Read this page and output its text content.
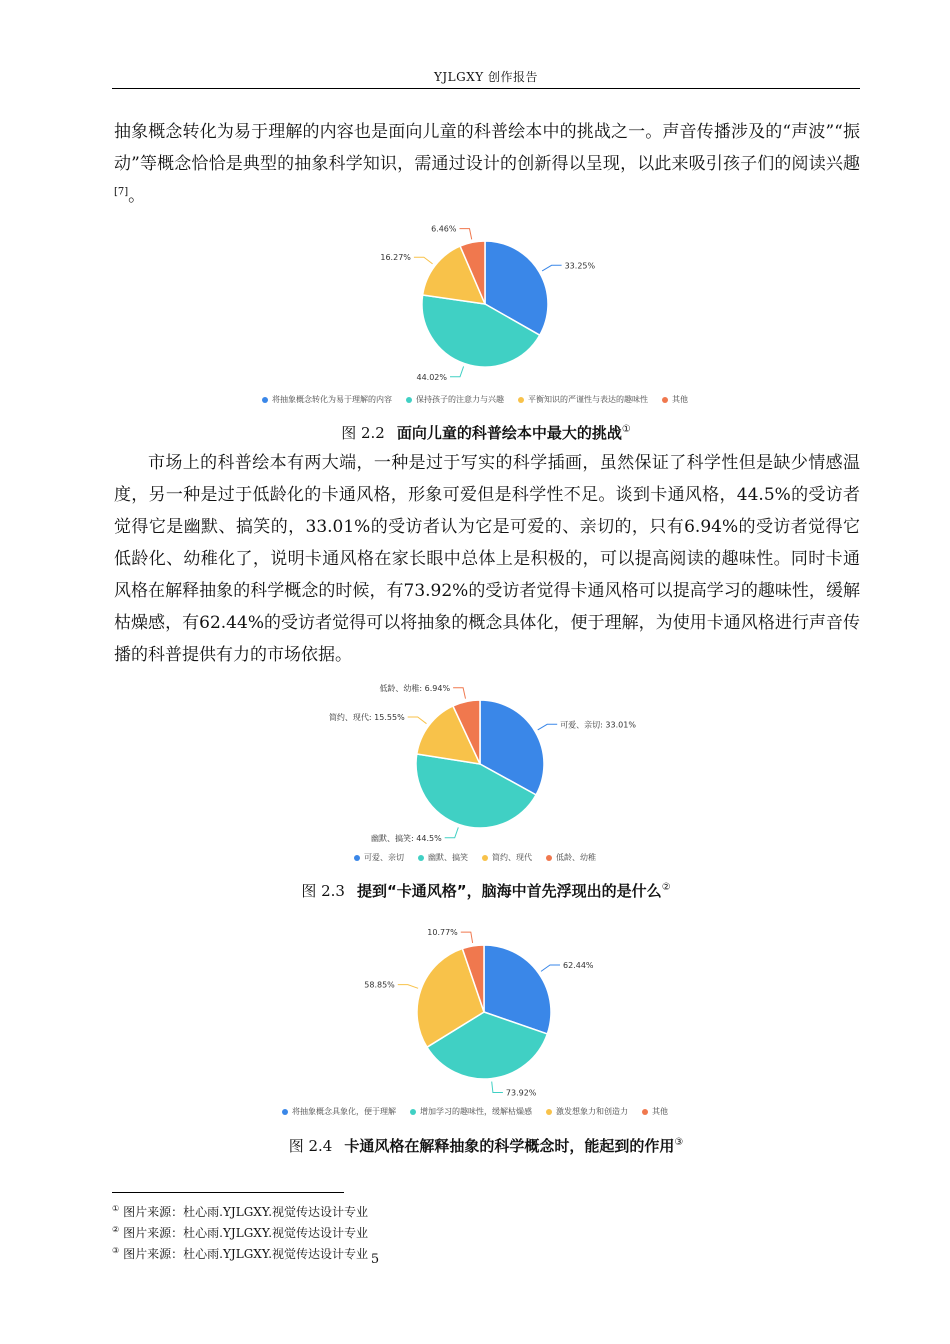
YJLGXY 创作报告

抽象概念转化为易于理解的内容也是面向儿童的科普绘本中的挑战之一。声音传播涉及的“声波”“振动”等概念恰恰是典型的抽象科学知识，需通过设计的创新得以呈现，以此来吸引孩子们的阅读兴趣[7]。

33.25%
44.02%
16.27%
6.46%
将抽象概念转化为易于理解的内容	保持孩子的注意力与兴趣	平衡知识的严谨性与表达的趣味性	其他
图 2.2 面向儿童的科普绘本中最大的挑战①

市场上的科普绘本有两大端，一种是过于写实的科学插画，虽然保证了科学性但是缺少情感温度，另一种是过于低龄化的卡通风格，形象可爱但是科学性不足。谈到卡通风格，44.5%的受访者觉得它是幽默、搞笑的，33.01%的受访者认为它是可爱的、亲切的，只有6.94%的受访者觉得它低龄化、幼稚化了，说明卡通风格在家长眼中总体上是积极的，可以提高阅读的趣味性。同时卡通风格在解释抽象的科学概念的时候，有73.92%的受访者觉得卡通风格可以提高学习的趣味性，缓解枯燥感，有62.44%的受访者觉得可以将抽象的概念具体化，便于理解，为使用卡通风格进行声音传播的科普提供有力的市场依据。

可爱、亲切: 33.01%
幽默、搞笑: 44.5%
简约、现代: 15.55%
低龄、幼稚: 6.94%
可爱、亲切	幽默、搞笑	简约、现代	低龄、幼稚
图 2.3 提到“卡通风格”，脑海中首先浮现出的是什么②
62.44%
73.92%
58.85%
10.77%
将抽象概念具象化，便于理解	增加学习的趣味性，缓解枯燥感	激发想象力和创造力	其他
图 2.4 卡通风格在解释抽象的科学概念时，能起到的作用③
① 图片来源：杜心雨.YJLGXY.视觉传达设计专业
② 图片来源：杜心雨.YJLGXY.视觉传达设计专业
③ 图片来源：杜心雨.YJLGXY.视觉传达设计专业 5
